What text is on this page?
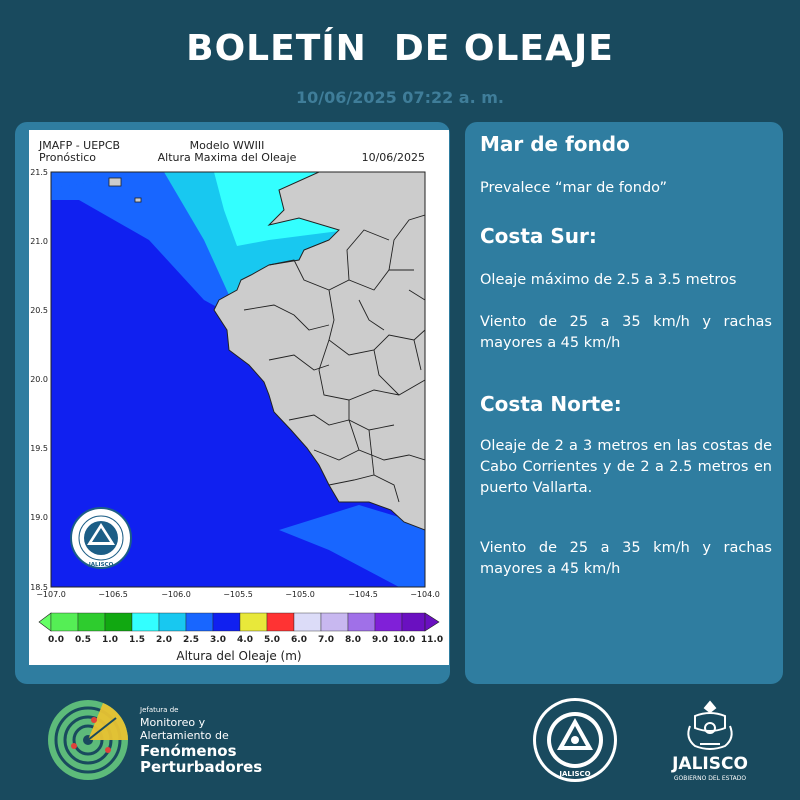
BOLETÍN  DE OLEAJE
10/06/2025 07:22 a. m.
JMAFP - UEPCB
Pronóstico
Modelo WWIII
Altura Maxima del Oleaje	10/06/2025
21.5
21.0
20.5
20.0
19.5
19.0
18.5
−107.0	−106.5	−106.0	−105.5	−105.0	−104.5	−104.0
JALISCO
0.0 0.5 1.0 1.5 2.0 2.5 3.0 4.0 5.0 6.0 7.0 8.0 9.0 10.0 11.0
Altura del Oleaje (m)
Mar de fondo
Prevalece “mar de fondo”
Costa Sur:
Oleaje máximo de 2.5 a 3.5 metros
Viento de 25 a 35 km/h y rachas mayores a 45 km/h
Costa Norte:
Oleaje de 2 a 3 metros en las costas de Cabo Corrientes y de 2 a 2.5 metros en puerto Vallarta.
Viento de 25 a 35 km/h y rachas mayores a 45 km/h
Jefatura de
Monitoreo y
Alertamiento de
Fenómenos
Perturbadores	JALISCO	JALISCO
GOBIERNO DEL ESTADO
